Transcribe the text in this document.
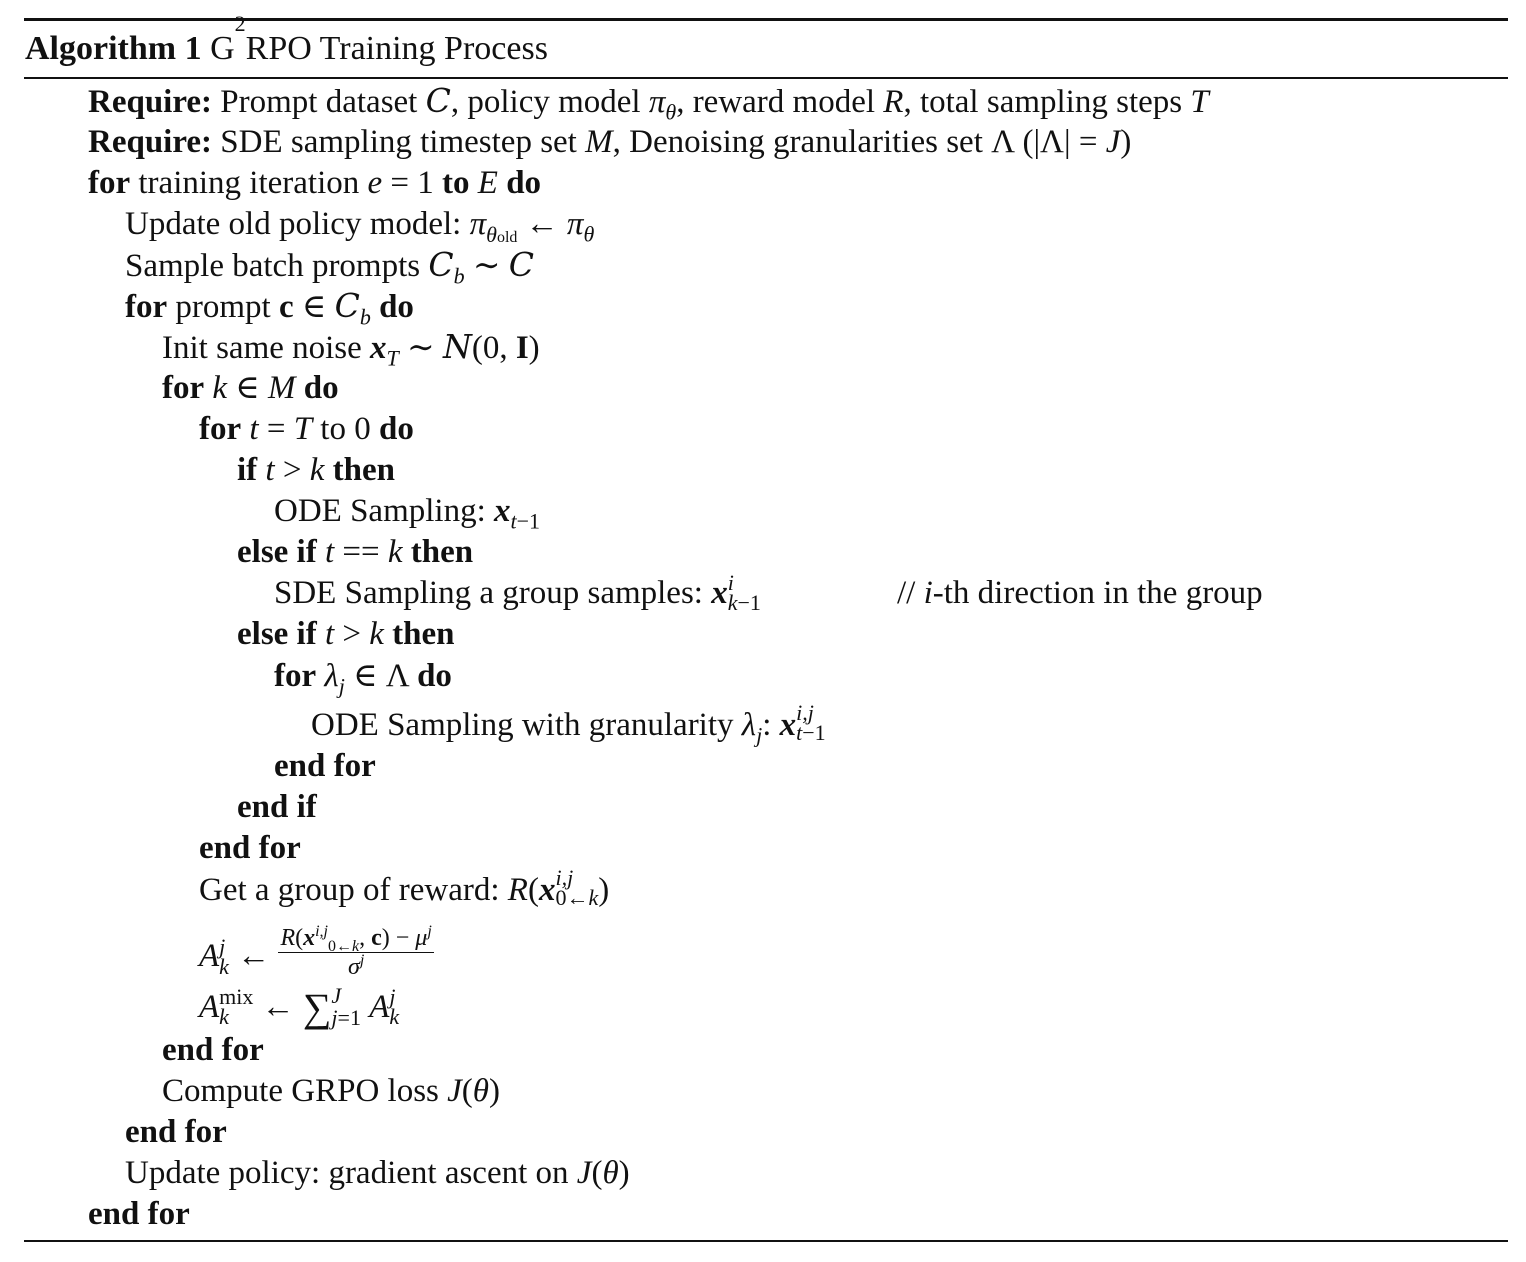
Algorithm 1 $G^2RPO$ Training Process
Require: Prompt dataset C, policy model $\pi_\theta$, reward model R, total sampling steps T
Require: SDE sampling timestep set M, Denoising granularities set Λ (|Λ| = J)
for training iteration e = 1 to E do
Update old policy model: $\pi_{\theta old}$ ← $\pi_\theta$
Sample batch prompts $C_b$ ∼ C
for prompt c ∈ $C_b$ do
Init same noise $x_T$ ∼ N(0, I)
for k ∈ M do
for t = T to 0 do
if t > k then
ODE Sampling: $x_{t-1}$
else if t == k then
SDE Sampling a group samples: x i
k−1	// i-th direction in the group
else if t > k then
for $\lambda_j$ ∈ Λ do
ODE Sampling with granularity $\lambda_j$: x i,j
t−1
end for
end if
end for
Get a group of reward: R(x i,j
0←k )
A j
k ← $\frac{R(x^{i,j}_{0\leftarrow k}, c) - \mu^j}{\sigma^j}$
A mix
k ← ∑ J
j=1 A j
k
end for
Compute GRPO loss J(θ)
end for
Update policy: gradient ascent on J(θ)
end for
